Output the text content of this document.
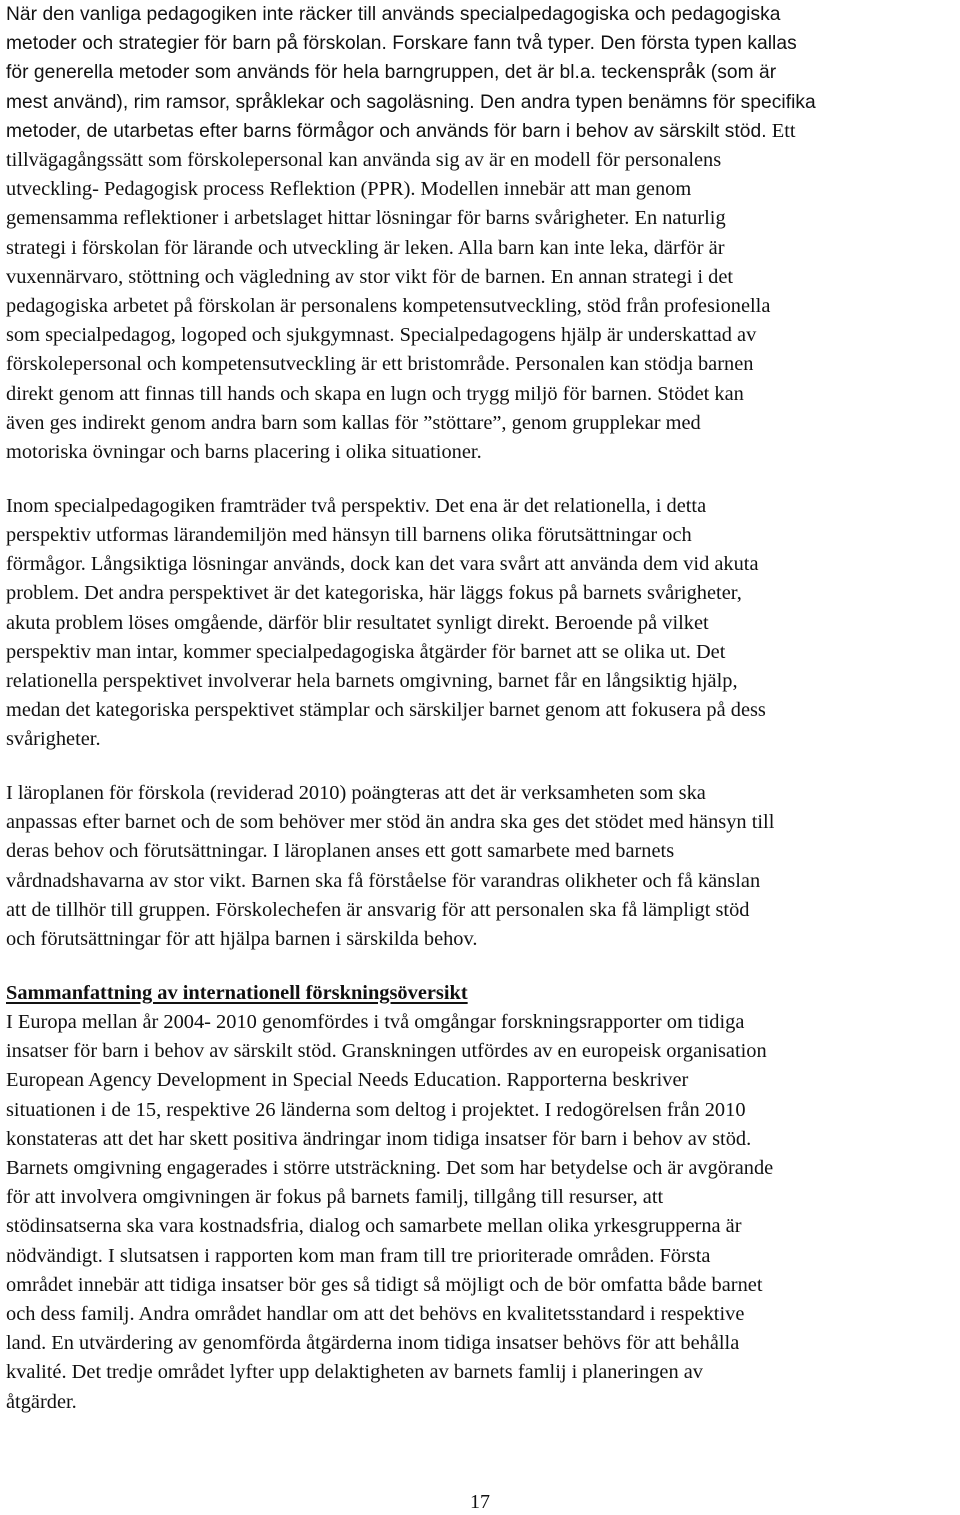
När den vanliga pedagogiken inte räcker till används specialpedagogiska och pedagogiska
metoder och strategier för barn på förskolan. Forskare fann två typer. Den första typen kallas
för generella metoder som används för hela barngruppen, det är bl.a. teckenspråk (som är
mest använd), rim ramsor, språklekar och sagoläsning. Den andra typen benämns för specifika
metoder, de utarbetas efter barns förmågor och används för barn i behov av särskilt stöd. Ett
tillvägagångssätt som förskolepersonal kan använda sig av är en modell för personalens
utveckling- Pedagogisk process Reflektion (PPR). Modellen innebär att man genom
gemensamma reflektioner i arbetslaget hittar lösningar för barns svårigheter. En naturlig
strategi i förskolan för lärande och utveckling är leken. Alla barn kan inte leka, därför är
vuxennärvaro, stöttning och vägledning av stor vikt för de barnen. En annan strategi i det
pedagogiska arbetet på förskolan är personalens kompetensutveckling, stöd från profesionella
som specialpedagog, logoped och sjukgymnast. Specialpedagogens hjälp är underskattad av
förskolepersonal och kompetensutveckling är ett bristområde. Personalen kan stödja barnen
direkt genom att finnas till hands och skapa en lugn och trygg miljö för barnen. Stödet kan
även ges indirekt genom andra barn som kallas för ”stöttare”, genom grupplekar med
motoriska övningar och barns placering i olika situationer.

Inom specialpedagogiken framträder två perspektiv. Det ena är det relationella, i detta
perspektiv utformas lärandemiljön med hänsyn till barnens olika förutsättningar och
förmågor. Långsiktiga lösningar används, dock kan det vara svårt att använda dem vid akuta
problem. Det andra perspektivet är det kategoriska, här läggs fokus på barnets svårigheter,
akuta problem löses omgående, därför blir resultatet synligt direkt. Beroende på vilket
perspektiv man intar, kommer specialpedagogiska åtgärder för barnet att se olika ut. Det
relationella perspektivet involverar hela barnets omgivning, barnet får en långsiktig hjälp,
medan det kategoriska perspektivet stämplar och särskiljer barnet genom att fokusera på dess
svårigheter.

I läroplanen för förskola (reviderad 2010) poängteras att det är verksamheten som ska
anpassas efter barnet och de som behöver mer stöd än andra ska ges det stödet med hänsyn till
deras behov och förutsättningar. I läroplanen anses ett gott samarbete med barnets
vårdnadshavarna av stor vikt. Barnen ska få förståelse för varandras olikheter och få känslan
att de tillhör till gruppen. Förskolechefen är ansvarig för att personalen ska få lämpligt stöd
och förutsättningar för att hjälpa barnen i särskilda behov.

Sammanfattning av internationell förskningsöversikt

I Europa mellan år 2004- 2010 genomfördes i två omgångar forskningsrapporter om tidiga
insatser för barn i behov av särskilt stöd. Granskningen utfördes av en europeisk organisation
European Agency Development in Special Needs Education. Rapporterna beskriver
situationen i de 15, respektive 26 länderna som deltog i projektet. I redogörelsen från 2010
konstateras att det har skett positiva ändringar inom tidiga insatser för barn i behov av stöd.
Barnets omgivning engagerades i större utsträckning. Det som har betydelse och är avgörande
för att involvera omgivningen är fokus på barnets familj, tillgång till resurser, att
stödinsatserna ska vara kostnadsfria, dialog och samarbete mellan olika yrkesgrupperna är
nödvändigt. I slutsatsen i rapporten kom man fram till tre prioriterade områden. Första
området innebär att tidiga insatser bör ges så tidigt så möjligt och de bör omfatta både barnet
och dess familj. Andra området handlar om att det behövs en kvalitetsstandard i respektive
land. En utvärdering av genomförda åtgärderna inom tidiga insatser behövs för att behålla
kvalité. Det tredje området lyfter upp delaktigheten av barnets famlij i planeringen av
åtgärder.

17
